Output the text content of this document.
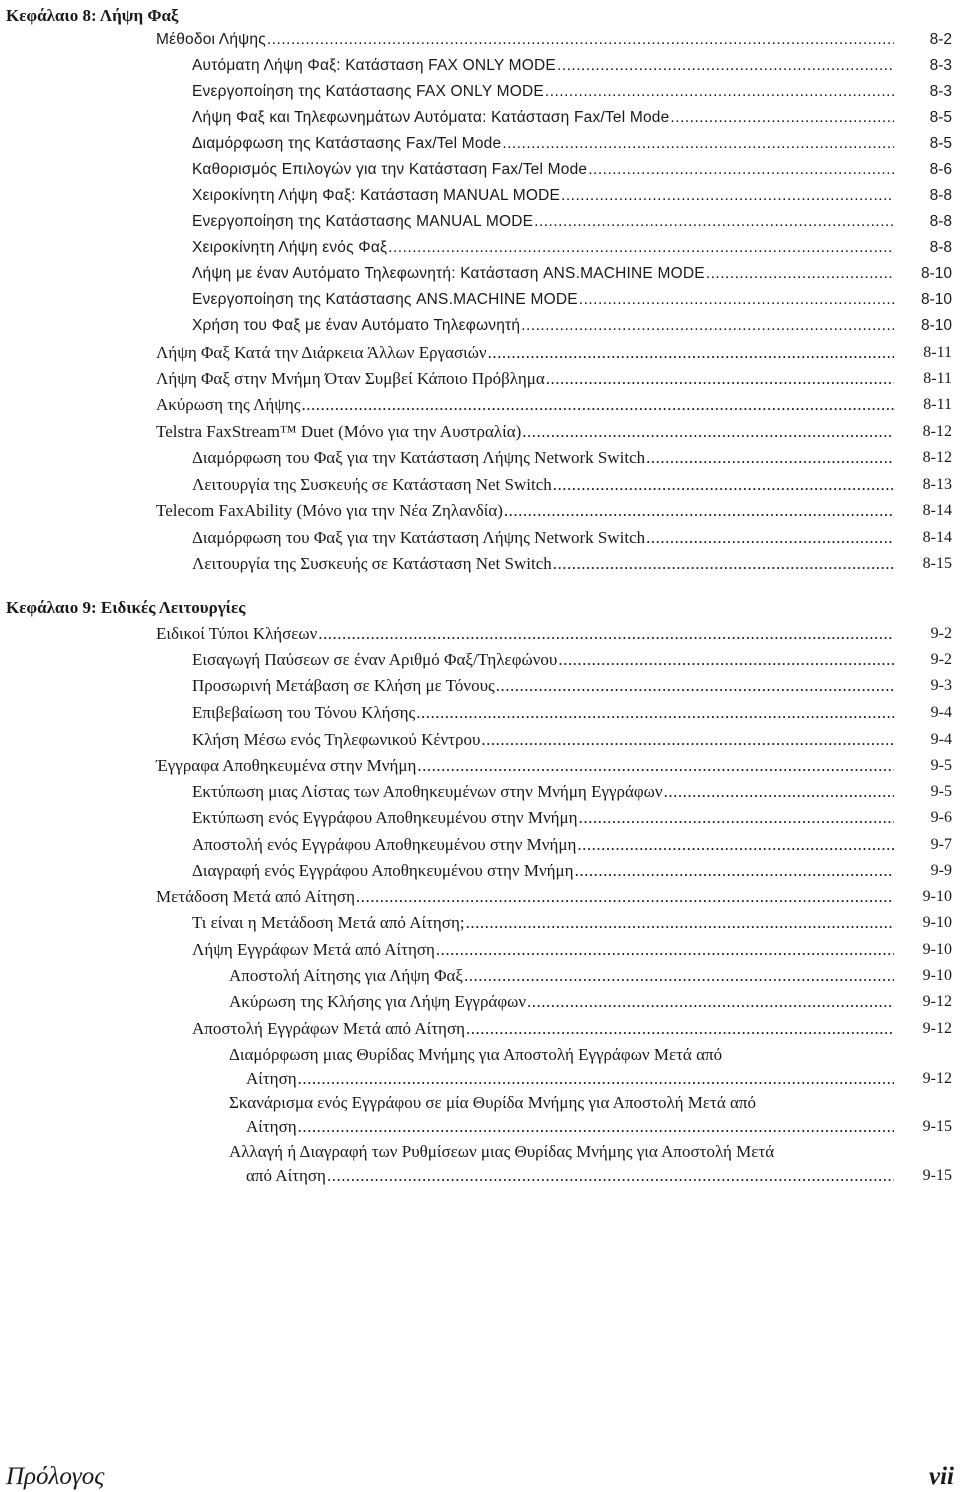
Κεφάλαιο 8: Λήψη Φαξ
Μέθοδοι Λήψης .....	8-2
Αυτόματη Λήψη Φαξ: Κατάσταση FAX ONLY MODE .....	8-3
Ενεργοποίηση της Κατάστασης FAX ONLY MODE .....	8-3
Λήψη Φαξ και Τηλεφωνημάτων Αυτόματα: Κατάσταση Fax/Tel Mode .....	8-5
Διαμόρφωση της Κατάστασης Fax/Tel Mode .....	8-5
Καθορισμός Επιλογών για την Κατάσταση Fax/Tel Mode .....	8-6
Χειροκίνητη Λήψη Φαξ: Κατάσταση MANUAL MODE .....	8-8
Ενεργοποίηση της Κατάστασης MANUAL MODE .....	8-8
Χειροκίνητη Λήψη ενός Φαξ .....	8-8
Λήψη με έναν Αυτόματο Τηλεφωνητή: Κατάσταση ANS.MACHINE MODE .....	8-10
Ενεργοποίηση της Κατάστασης ANS.MACHINE MODE .....	8-10
Χρήση του Φαξ με έναν Αυτόματο Τηλεφωνητή .....	8-10
Λήψη Φαξ Κατά την Διάρκεια Άλλων Εργασιών .....	8-11
Λήψη Φαξ στην Μνήμη Όταν Συμβεί Κάποιο Πρόβλημα .....	8-11
Ακύρωση της Λήψης .....	8-11
Telstra FaxStream™ Duet (Μόνο για την Αυστραλία) .....	8-12
Διαμόρφωση του Φαξ για την Κατάσταση Λήψης Network Switch .....	8-12
Λειτουργία της Συσκευής σε Κατάσταση Net Switch .....	8-13
Telecom FaxAbility (Μόνο για την Νέα Ζηλανδία) .....	8-14
Διαμόρφωση του Φαξ για την Κατάσταση Λήψης Network Switch .....	8-14
Λειτουργία της Συσκευής σε Κατάσταση Net Switch .....	8-15
Κεφάλαιο 9: Ειδικές Λειτουργίες
Ειδικοί Τύποι Κλήσεων .....	9-2
Εισαγωγή Παύσεων σε έναν Αριθμό Φαξ/Τηλεφώνου .....	9-2
Προσωρινή Μετάβαση σε Κλήση με Τόνους .....	9-3
Επιβεβαίωση του Τόνου Κλήσης .....	9-4
Κλήση Μέσω ενός Τηλεφωνικού Κέντρου .....	9-4
Έγγραφα Αποθηκευμένα στην Μνήμη .....	9-5
Εκτύπωση μιας Λίστας των Αποθηκευμένων στην Μνήμη Εγγράφων .....	9-5
Εκτύπωση ενός Εγγράφου Αποθηκευμένου στην Μνήμη .....	9-6
Αποστολή ενός Εγγράφου Αποθηκευμένου στην Μνήμη .....	9-7
Διαγραφή ενός Εγγράφου Αποθηκευμένου στην Μνήμη .....	9-9
Μετάδοση Μετά από Αίτηση .....	9-10
Τι είναι η Μετάδοση Μετά από Αίτηση; .....	9-10
Λήψη Εγγράφων Μετά από Αίτηση .....	9-10
Αποστολή Αίτησης για Λήψη Φαξ .....	9-10
Ακύρωση της Κλήσης για Λήψη Εγγράφων .....	9-12
Αποστολή Εγγράφων Μετά από Αίτηση .....	9-12
Διαμόρφωση μιας Θυρίδας Μνήμης για Αποστολή Εγγράφων Μετά από
Αίτηση .....	9-12
Σκανάρισμα ενός Εγγράφου σε μία Θυρίδα Μνήμης για Αποστολή Μετά από
Αίτηση .....	9-15
Αλλαγή ή Διαγραφή των Ρυθμίσεων μιας Θυρίδας Μνήμης για Αποστολή Μετά
από Αίτηση .....	9-15
Πρόλογος	vii
